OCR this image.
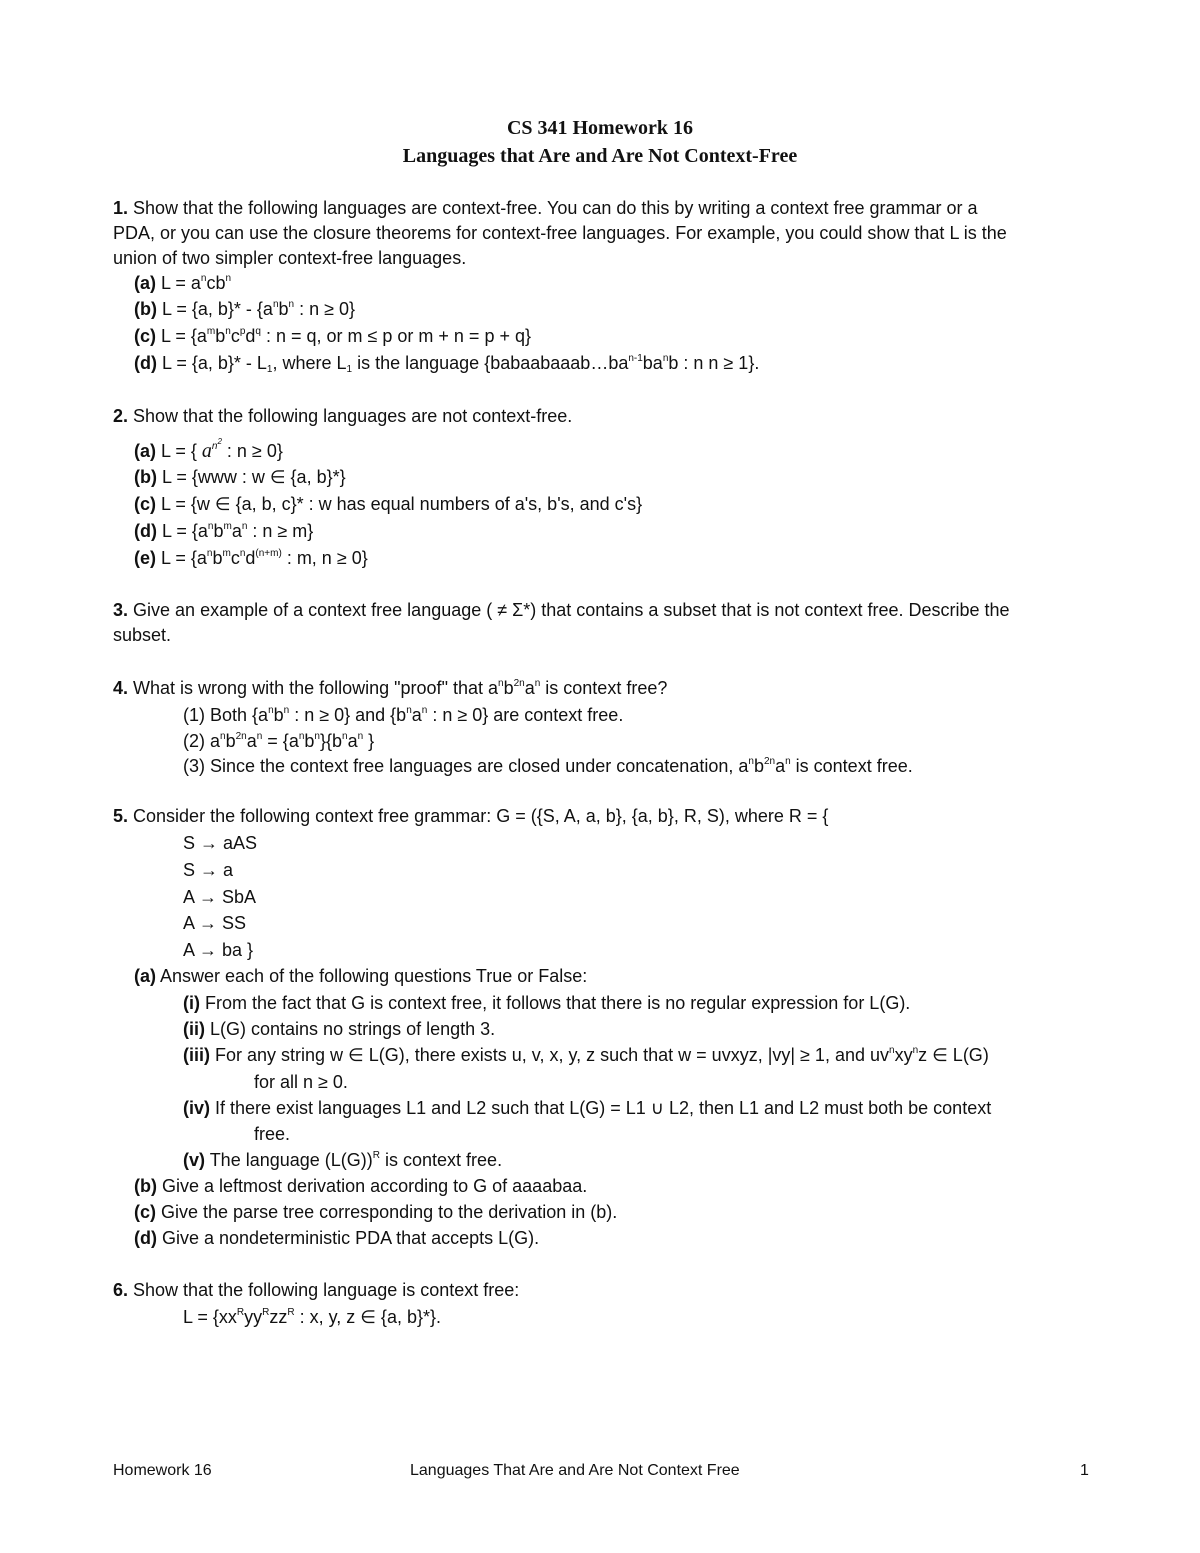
CS 341 Homework 16
Languages that Are and Are Not Context-Free
1. Show that the following languages are context-free. You can do this by writing a context free grammar or a
PDA, or you can use the closure theorems for context-free languages. For example, you could show that L is the
union of two simpler context-free languages.
(a) $L = a^ncb^n$
(b) L = {a, $b\}* - \{a^nb^n$ : n ≥ 0}
(c) $L = \{a^mb^nc^pd^q$ : n = q, or m ≤ p or m + n = p + q}
(d) L = {a, $b\}* - L_1$, where $L_1$ is the language {$babaabaaab\dots ba^{n-1}ba^nb$ : n n ≥ 1}.
2. Show that the following languages are not context-free.
(a) L = { $a^{n^2}$ : n ≥ 0}
(b) L = {www : w ∈ {a, b}*}
(c) L = {w ∈ {a, b, c}* : w has equal numbers of a's, b's, and c's}
(d) $L = \{a^nb^ma^n$ : n ≥ m}
(e) $L = \{a^nb^mc^nd^{(n+m)}$ : m, n ≥ 0}
3. Give an example of a context free language ( ≠ Σ*) that contains a subset that is not context free. Describe the
subset.
4. What is wrong with the following "proof" that $a^nb^{2n}a^n$ is context free?
(1) Both {$a^nb^n$ : n ≥ 0} and {$b^na^n$ : n ≥ 0} are context free.
(2) $a^nb^{2n}a^n = \{a^nb^n\}\{b^na^n$ }
(3) Since the context free languages are closed under concatenation, $a^nb^{2n}a^n$ is context free.
5. Consider the following context free grammar: G = ({S, A, a, b}, {a, b}, R, S), where R = {
S → aAS
S → a
A → SbA
A → SS
A → ba }
(a) Answer each of the following questions True or False:
(i) From the fact that G is context free, it follows that there is no regular expression for L(G).
(ii) L(G) contains no strings of length 3.
(iii) For any string w ∈ L(G), there exists u, v, x, y, z such that w = uvxyz, |vy| ≥ 1, and $uv^nxy^nz$ ∈ L(G)
for all n ≥ 0.
(iv) If there exist languages L1 and L2 such that L(G) = L1 ∪ L2, then L1 and L2 must both be context
free.
(v) The language $(L(G))^R$ is context free.
(b) Give a leftmost derivation according to G of aaaabaa.
(c) Give the parse tree corresponding to the derivation in (b).
(d) Give a nondeterministic PDA that accepts L(G).
6. Show that the following language is context free:
$L = \{xx^Ryy^Rzz^R$ : x, y, z ∈ {a, b}*}.
Homework 16	Languages That Are and Are Not Context Free	1
